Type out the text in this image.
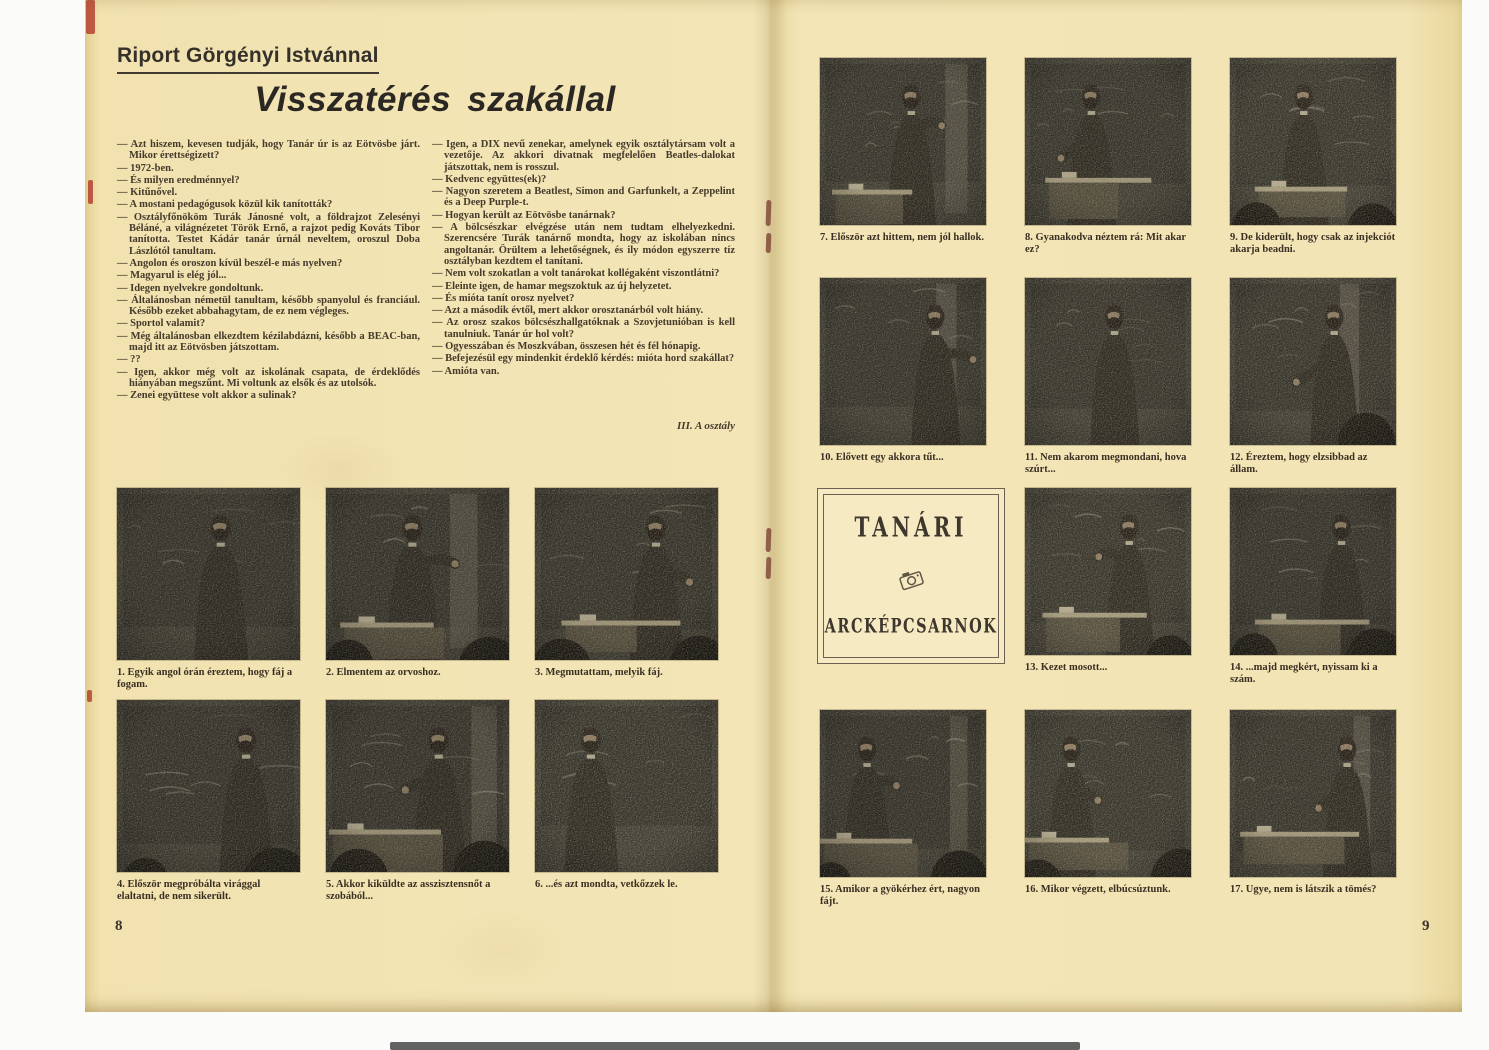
Riport Görgényi Istvánnal
Visszatérés szakállal

— Azt hiszem, kevesen tudják, hogy Tanár úr is az Eötvösbe járt. Mikor érettségizett?

— 1972-ben.

— És milyen eredménnyel?

— Kitűnővel.

— A mostani pedagógusok közül kik tanították?

— Osztályfőnököm Turák Jánosné volt, a földrajzot Zelesényi Béláné, a világnézetet Török Ernő, a rajzot pedig Kováts Tibor tanította. Testet Kádár tanár úrnál neveltem, oroszul Doba Lászlótól tanultam.

— Angolon és oroszon kívül beszél-e más nyelven?

— Magyarul is elég jól...

— Idegen nyelvekre gondoltunk.

— Általánosban németül tanultam, később spanyolul és franciául. Később ezeket abbahagytam, de ez nem végleges.

— Sportol valamit?

— Még általánosban elkezdtem kézilabdázni, később a BEAC-ban, majd itt az Eötvösben játszottam.

— ??

— Igen, akkor még volt az iskolának csapata, de érdeklődés hiányában megszűnt. Mi voltunk az elsők és az utolsók.

— Zenei együttese volt akkor a sulinak?

— Igen, a DIX nevű zenekar, amelynek egyik osztálytársam volt a vezetője. Az akkori divatnak megfelelően Beatles-dalokat játszottak, nem is rosszul.

— Kedvenc együttes(ek)?

— Nagyon szeretem a Beatlest, Simon and Garfunkelt, a Zeppelint és a Deep Purple-t.

— Hogyan került az Eötvösbe tanárnak?

— A bölcsészkar elvégzése után nem tudtam elhelyezkedni. Szerencsére Turák tanárnő mondta, hogy az iskolában nincs angoltanár. Örültem a lehetőségnek, és ily módon egyszerre tíz osztályban kezdtem el tanítani.

— Nem volt szokatlan a volt tanárokat kollégaként viszontlátni?

— Eleinte igen, de hamar megszoktuk az új helyzetet.

— És mióta tanít orosz nyelvet?

— Azt a második évtől, mert akkor orosztanárból volt hiány.

— Az orosz szakos bölcsészhallgatóknak a Szovjetunióban is kell tanulniuk. Tanár úr hol volt?

— Ogyesszában és Moszkvában, összesen hét és fél hónapig.

— Befejezésül egy mindenkit érdeklő kérdés: mióta hord szakállat?

— Amióta van.

III. A osztály
1. Egyik angol órán éreztem, hogy fáj a fogam.
2. Elmentem az orvoshoz.	3. Megmutattam, melyik fáj.
4. Először megpróbálta virággal elaltatni, de nem sikerült.
5. Akkor kiküldte az asszisztensnőt a szobából...
6. ...és azt mondta, vetkőzzek le.
8
7. Először azt hittem, nem jól hallok.	8. Gyanakodva néztem rá: Mit akar ez?
9. De kiderült, hogy csak az injekciót akarja beadni.
10. Elővett egy akkora tűt...	11. Nem akarom megmondani, hova szúrt...
12. Éreztem, hogy elzsibbad az állam.
TANÁRI
ARCKÉPCSARNOK
13. Kezet mosott...	14. ...majd megkért, nyissam ki a szám.
15. Amikor a gyökérhez ért, nagyon fájt.
16. Mikor végzett, elbúcsúztunk.	17. Ugye, nem is látszik a tömés?
9
